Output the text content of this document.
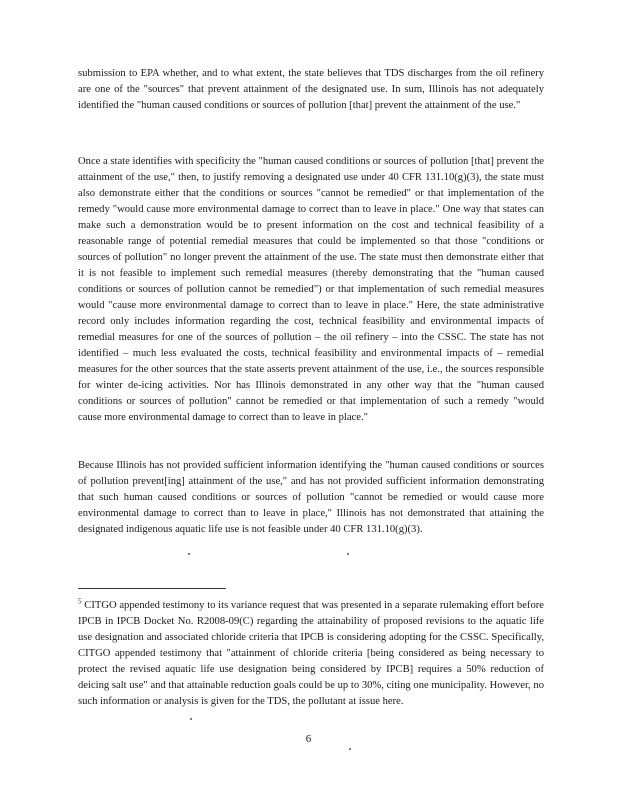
submission to EPA whether, and to what extent, the state believes that TDS discharges from the oil refinery are one of the "sources" that prevent attainment of the designated use. In sum, Illinois has not adequately identified the "human caused conditions or sources of pollution [that] prevent the attainment of the use."

Once a state identifies with specificity the "human caused conditions or sources of pollution [that] prevent the attainment of the use," then, to justify removing a designated use under 40 CFR 131.10(g)(3), the state must also demonstrate either that the conditions or sources "cannot be remedied" or that implementation of the remedy "would cause more environmental damage to correct than to leave in place." One way that states can make such a demonstration would be to present information on the cost and technical feasibility of a reasonable range of potential remedial measures that could be implemented so that those "conditions or sources of pollution" no longer prevent the attainment of the use. The state must then demonstrate either that it is not feasible to implement such remedial measures (thereby demonstrating that the "human caused conditions or sources of pollution cannot be remedied") or that implementation of such remedial measures would "cause more environmental damage to correct than to leave in place." Here, the state administrative record only includes information regarding the cost, technical feasibility and environmental impacts of remedial measures for one of the sources of pollution – the oil refinery – into the CSSC. The state has not identified – much less evaluated the costs, technical feasibility and environmental impacts of – remedial measures for the other sources that the state asserts prevent attainment of the use, i.e., the sources responsible for winter de-icing activities. Nor has Illinois demonstrated in any other way that the "human caused conditions or sources of pollution" cannot be remedied or that implementation of such a remedy "would cause more environmental damage to correct than to leave in place."

Because Illinois has not provided sufficient information identifying the "human caused conditions or sources of pollution prevent[ing] attainment of the use," and has not provided sufficient information demonstrating that such human caused conditions or sources of pollution "cannot be remedied or would cause more environmental damage to correct than to leave in place," Illinois has not demonstrated that attaining the designated indigenous aquatic life use is not feasible under 40 CFR 131.10(g)(3).

$^5$ CITGO appended testimony to its variance request that was presented in a separate rulemaking effort before IPCB in IPCB Docket No. R2008-09(C) regarding the attainability of proposed revisions to the aquatic life use designation and associated chloride criteria that IPCB is considering adopting for the CSSC. Specifically, CITGO appended testimony that "attainment of chloride criteria [being considered as being necessary to protect the revised aquatic life use designation being considered by IPCB] requires a 50% reduction of deicing salt use" and that attainable reduction goals could be up to 30%, citing one municipality. However, no such information or analysis is given for the TDS, the pollutant at issue here.

6
